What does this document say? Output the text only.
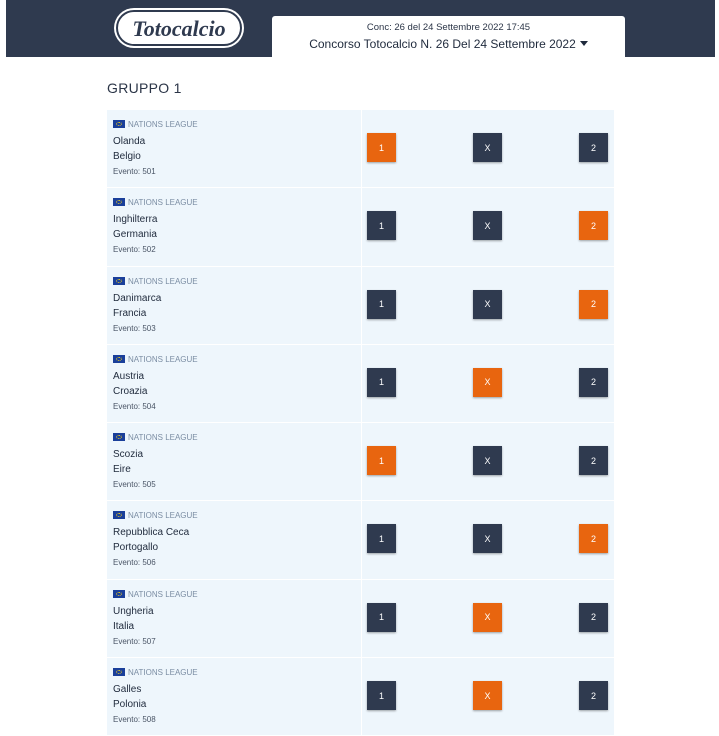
Totocalcio	Conc: 26 del 24 Settembre 2022 17:45
Concorso Totocalcio N. 26 Del 24 Settembre 2022
GRUPPO 1
NATIONS LEAGUE
Olanda
Belgio
Evento: 501
1	X	2
NATIONS LEAGUE
Inghilterra
Germania
Evento: 502
1	X	2
NATIONS LEAGUE
Danimarca
Francia
Evento: 503
1	X	2
NATIONS LEAGUE
Austria
Croazia
Evento: 504
1	X	2
NATIONS LEAGUE
Scozia
Eire
Evento: 505
1	X	2
NATIONS LEAGUE
Repubblica Ceca
Portogallo
Evento: 506
1	X	2
NATIONS LEAGUE
Ungheria
Italia
Evento: 507
1	X	2
NATIONS LEAGUE
Galles
Polonia
Evento: 508
1	X	2
